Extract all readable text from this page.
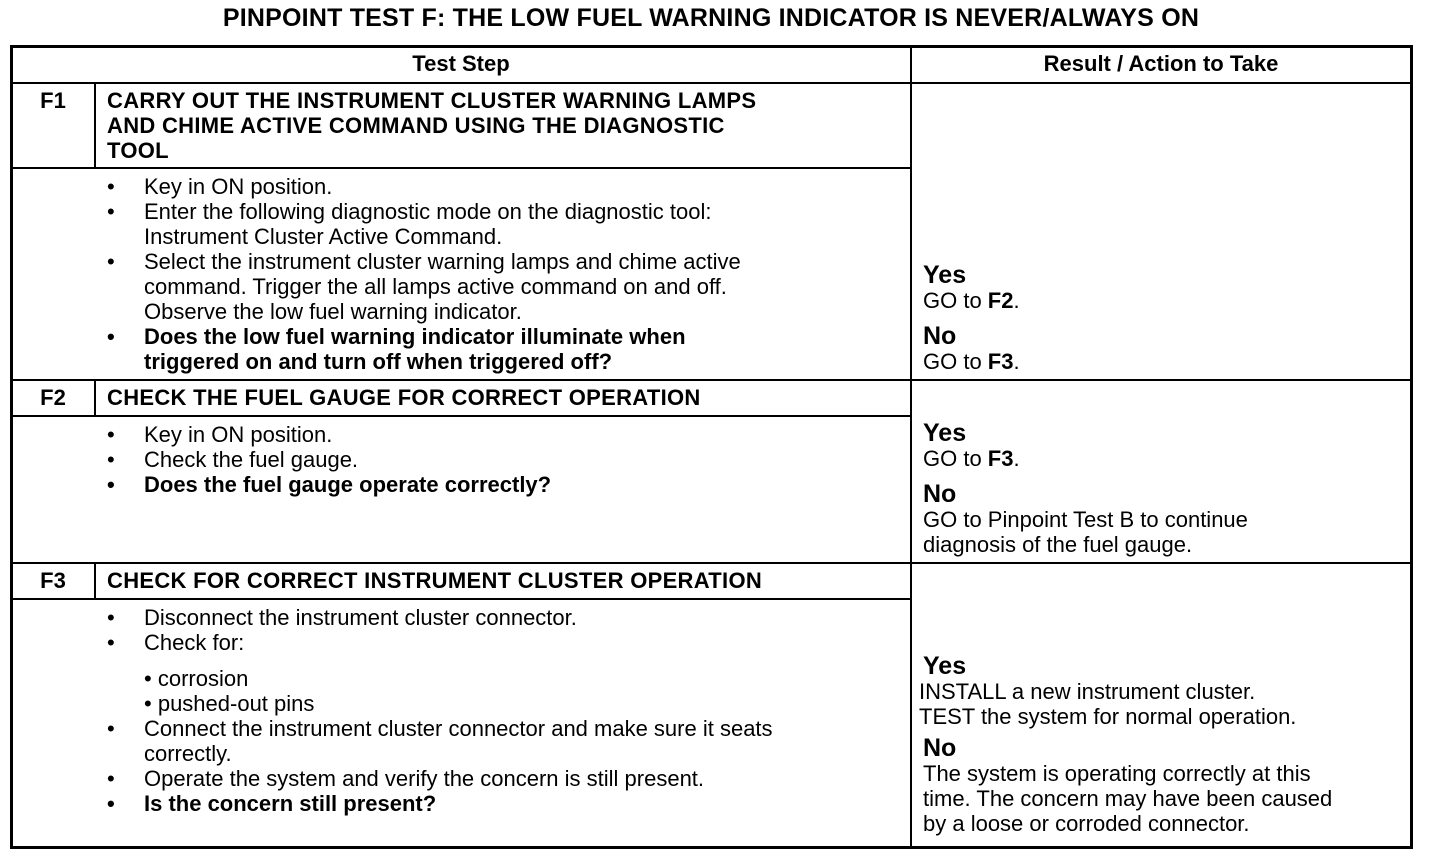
PINPOINT TEST F: THE LOW FUEL WARNING INDICATOR IS NEVER/ALWAYS ON
Test Step	Result / Action to Take
F1	CARRY OUT THE INSTRUMENT CLUSTER WARNING LAMPS
AND CHIME ACTIVE COMMAND USING THE DIAGNOSTIC
TOOL
• Key in ON position.
• Enter the following diagnostic mode on the diagnostic tool:
Instrument Cluster Active Command.
• Select the instrument cluster warning lamps and chime active
command. Trigger the all lamps active command on and off.
Observe the low fuel warning indicator.
• Does the low fuel warning indicator illuminate when
triggered on and turn off when triggered off?
Yes
GO to F2.
No
GO to F3.
F2	CHECK THE FUEL GAUGE FOR CORRECT OPERATION
• Key in ON position.
• Check the fuel gauge.
• Does the fuel gauge operate correctly?
Yes
GO to F3.
No
GO to Pinpoint Test B to continue
diagnosis of the fuel gauge.
F3	CHECK FOR CORRECT INSTRUMENT CLUSTER OPERATION
• Disconnect the instrument cluster connector.
• Check for:
• corrosion
• pushed-out pins
• Connect the instrument cluster connector and make sure it seats
correctly.
• Operate the system and verify the concern is still present.
• Is the concern still present?
Yes
INSTALL a new instrument cluster.
TEST the system for normal operation.
No
The system is operating correctly at this
time. The concern may have been caused
by a loose or corroded connector.
